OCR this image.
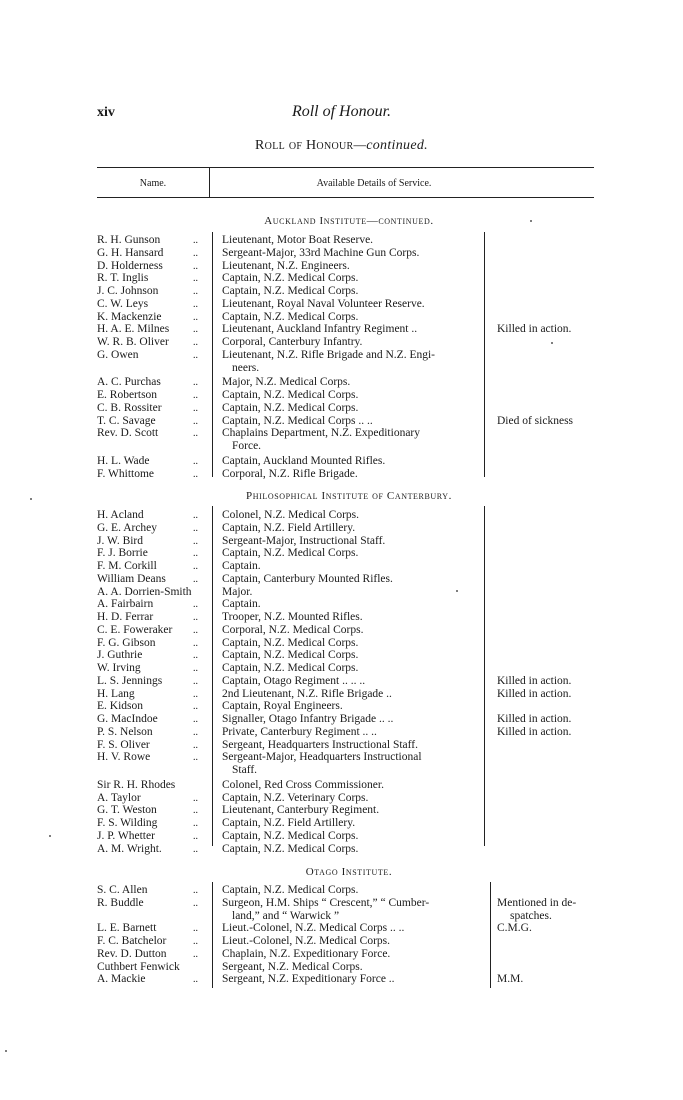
xiv	Roll of Honour.
Roll of Honour—continued.
Name.	Available Details of Service.
Auckland Institute—continued.
R. H. Gunson	..	Lieutenant, Motor Boat Reserve.
G. H. Hansard	..	Sergeant-Major, 33rd Machine Gun Corps.
D. Holderness	..	Lieutenant, N.Z. Engineers.
R. T. Inglis	..	Captain, N.Z. Medical Corps.
J. C. Johnson	..	Captain, N.Z. Medical Corps.
C. W. Leys	..	Lieutenant, Royal Naval Volunteer Reserve.
K. Mackenzie	..	Captain, N.Z. Medical Corps.
H. A. E. Milnes	..	Lieutenant, Auckland Infantry Regiment ..	Killed in action.
W. R. B. Oliver	..	Corporal, Canterbury Infantry.
G. Owen	..	Lieutenant, N.Z. Rifle Brigade and N.Z. Engi-
neers.
A. C. Purchas	..	Major, N.Z. Medical Corps.
E. Robertson	..	Captain, N.Z. Medical Corps.
C. B. Rossiter	..	Captain, N.Z. Medical Corps.
T. C. Savage	..	Captain, N.Z. Medical Corps .. ..	Died of sickness
Rev. D. Scott	..	Chaplains Department, N.Z. Expeditionary
Force.
H. L. Wade	..	Captain, Auckland Mounted Rifles.
F. Whittome	..	Corporal, N.Z. Rifle Brigade.
Philosophical Institute of Canterbury.
H. Acland	..	Colonel, N.Z. Medical Corps.
G. E. Archey	..	Captain, N.Z. Field Artillery.
J. W. Bird	..	Sergeant-Major, Instructional Staff.
F. J. Borrie	..	Captain, N.Z. Medical Corps.
F. M. Corkill	..	Captain.
William Deans	..	Captain, Canterbury Mounted Rifles.
A. A. Dorrien-Smith	Major.
A. Fairbairn	..	Captain.
H. D. Ferrar	..	Trooper, N.Z. Mounted Rifles.
C. E. Foweraker	..	Corporal, N.Z. Medical Corps.
F. G. Gibson	..	Captain, N.Z. Medical Corps.
J. Guthrie	..	Captain, N.Z. Medical Corps.
W. Irving	..	Captain, N.Z. Medical Corps.
L. S. Jennings	..	Captain, Otago Regiment .. .. ..	Killed in action.
H. Lang	..	2nd Lieutenant, N.Z. Rifle Brigade ..	Killed in action.
E. Kidson	..	Captain, Royal Engineers.
G. MacIndoe	..	Signaller, Otago Infantry Brigade .. ..	Killed in action.
P. S. Nelson	..	Private, Canterbury Regiment .. ..	Killed in action.
F. S. Oliver	..	Sergeant, Headquarters Instructional Staff.
H. V. Rowe	..	Sergeant-Major, Headquarters Instructional
Staff.
Sir R. H. Rhodes	Colonel, Red Cross Commissioner.
A. Taylor	..	Captain, N.Z. Veterinary Corps.
G. T. Weston	..	Lieutenant, Canterbury Regiment.
F. S. Wilding	..	Captain, N.Z. Field Artillery.
J. P. Whetter	..	Captain, N.Z. Medical Corps.
A. M. Wright.	..	Captain, N.Z. Medical Corps.
Otago Institute.
S. C. Allen	..	Captain, N.Z. Medical Corps.
R. Buddle	..	Surgeon, H.M. Ships “ Crescent,” “ Cumber-	Mentioned in de-
land,” and “ Warwick ”	spatches.
L. E. Barnett	..	Lieut.-Colonel, N.Z. Medical Corps .. ..	C.M.G.
F. C. Batchelor	..	Lieut.-Colonel, N.Z. Medical Corps.
Rev. D. Dutton	..	Chaplain, N.Z. Expeditionary Force.
Cuthbert Fenwick	Sergeant, N.Z. Medical Corps.
A. Mackie	..	Sergeant, N.Z. Expeditionary Force ..	M.M.
